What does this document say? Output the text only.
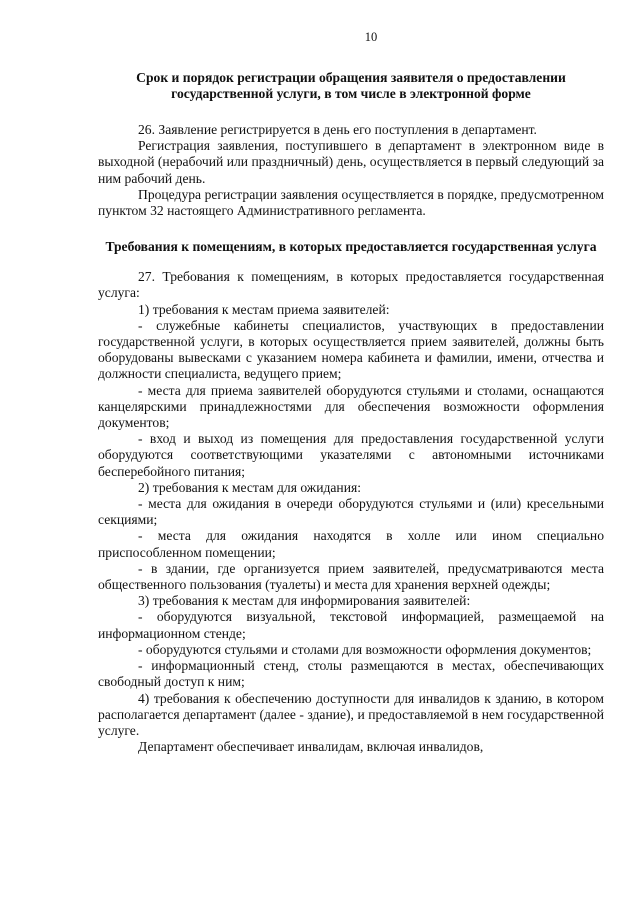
10
Срок и порядок регистрации обращения заявителя о предоставлении государственной услуги, в том числе в электронной форме

26. Заявление регистрируется в день его поступления в департамент.

Регистрация заявления, поступившего в департамент в электронном виде в выходной (нерабочий или праздничный) день, осуществляется в первый следующий за ним рабочий день.

Процедура регистрации заявления осуществляется в порядке, предусмотренном пунктом 32 настоящего Административного регламента.

Требования к помещениям, в которых предоставляется государственная услуга

27. Требования к помещениям, в которых предоставляется государственная услуга:

1) требования к местам приема заявителей:

- служебные кабинеты специалистов, участвующих в предоставлении государственной услуги, в которых осуществляется прием заявителей, должны быть оборудованы вывесками с указанием номера кабинета и фамилии, имени, отчества и должности специалиста, ведущего прием;

- места для приема заявителей оборудуются стульями и столами, оснащаются канцелярскими принадлежностями для обеспечения возможности оформления документов;

- вход и выход из помещения для предоставления государственной услуги оборудуются соответствующими указателями с автономными источниками бесперебойного питания;

2) требования к местам для ожидания:

- места для ожидания в очереди оборудуются стульями и (или) кресельными секциями;

- места для ожидания находятся в холле или ином специально приспособленном помещении;

- в здании, где организуется прием заявителей, предусматриваются места общественного пользования (туалеты) и места для хранения верхней одежды;

3) требования к местам для информирования заявителей:

- оборудуются визуальной, текстовой информацией, размещаемой на информационном стенде;

- оборудуются стульями и столами для возможности оформления документов;

- информационный стенд, столы размещаются в местах, обеспечивающих свободный доступ к ним;

4) требования к обеспечению доступности для инвалидов к зданию, в котором располагается департамент (далее - здание), и предоставляемой в нем государственной услуге.

Департамент обеспечивает инвалидам, включая инвалидов,
